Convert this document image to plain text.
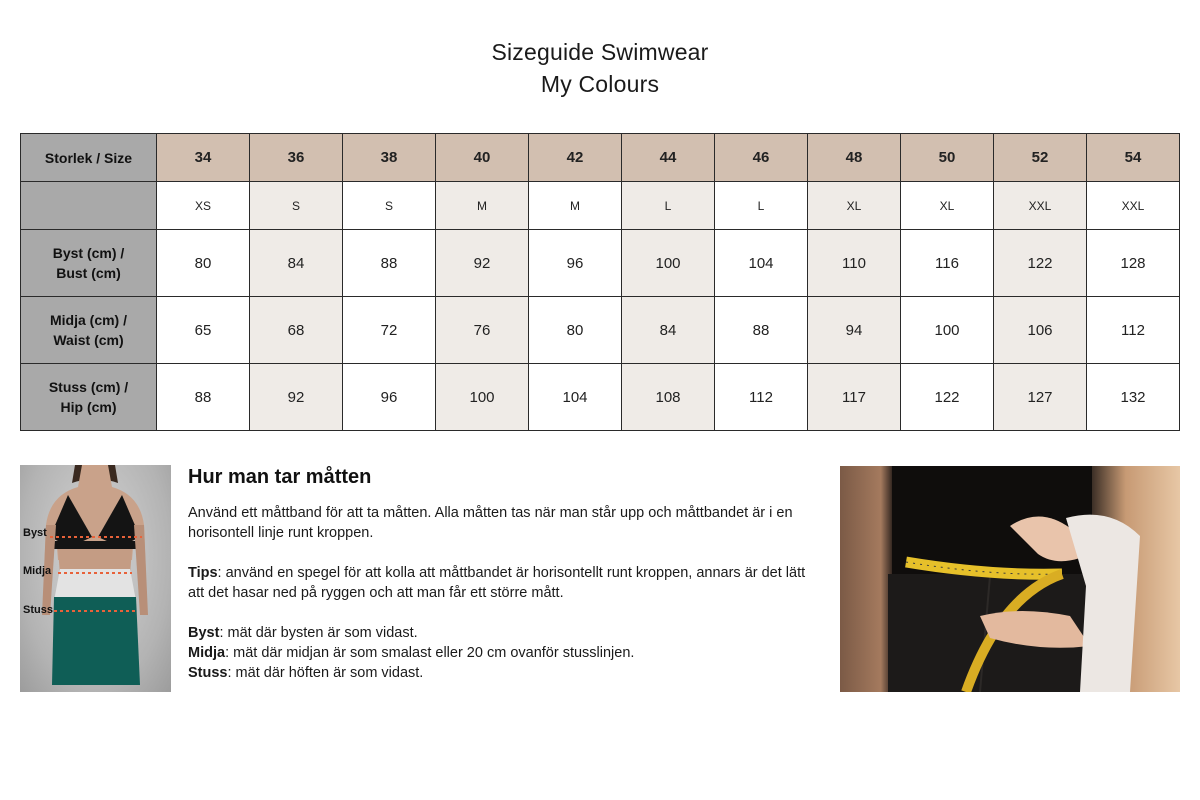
Sizeguide Swimwear
My Colours
Storlek / Size	34	36	38	40	42	44	46	48	50	52	54
	XS	S	S	M	M	L	L	XL	XL	XXL	XXL

Byst (cm) /
Bust (cm)	80	84	88	92	96	100	104	110	116	122	128

Midja (cm) /
Waist (cm)	65	68	72	76	80	84	88	94	100	106	112

Stuss (cm) /
Hip (cm)	88	92	96	100	104	108	112	117	122	127	132
Byst
Midja
Stuss
Hur man tar måtten

Använd ett måttband för att ta måtten. Alla måtten tas när man står upp och måttbandet är i en horisontell linje runt kroppen.

Tips: använd en spegel för att kolla att måttbandet är horisontellt runt kroppen, annars är det lätt att det hasar ned på ryggen och att man får ett större mått.

Byst: mät där bysten är som vidast.

Midja: mät där midjan är som smalast eller 20 cm ovanför stusslinjen.

Stuss: mät där höften är som vidast.
